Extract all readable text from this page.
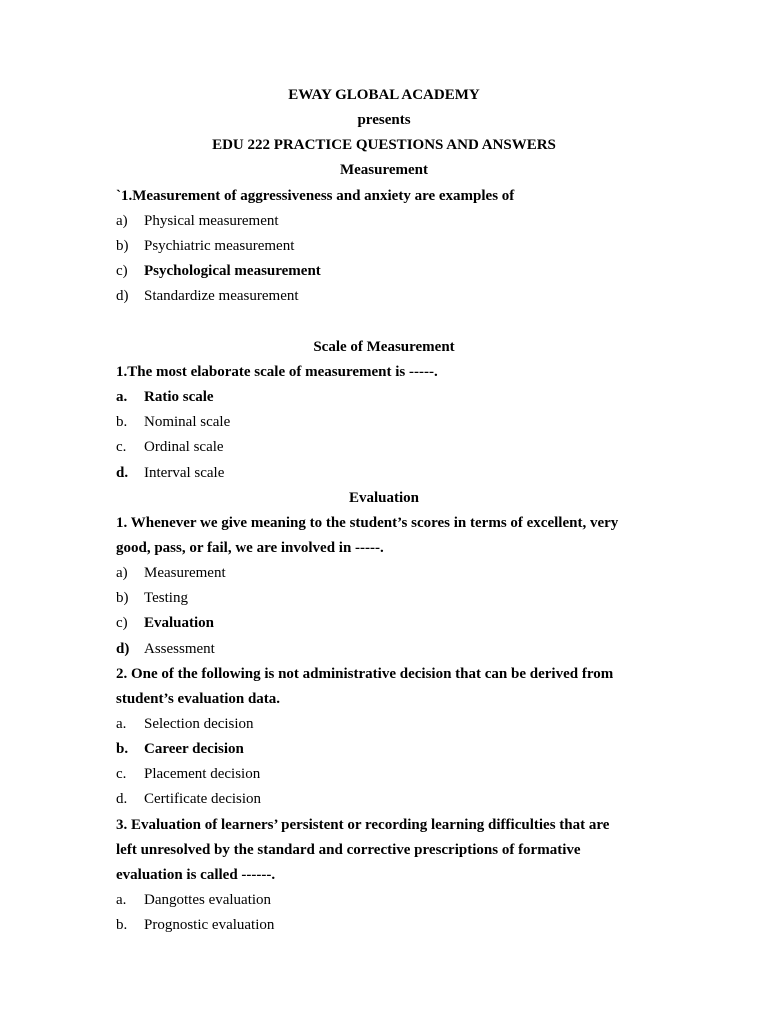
EWAY GLOBAL ACADEMY
presents
EDU 222 PRACTICE QUESTIONS AND ANSWERS
Measurement
`1.Measurement of aggressiveness and anxiety are examples of
a) Physical measurement
b) Psychiatric measurement
c) Psychological measurement
d) Standardize measurement
Scale of Measurement
1.The most elaborate scale of measurement is -----.
a. Ratio scale
b. Nominal scale
c. Ordinal scale
d. Interval scale
Evaluation
1. Whenever we give meaning to the student’s scores in terms of excellent, very
good, pass, or fail, we are involved in -----.
a) Measurement
b) Testing
c) Evaluation
d) Assessment
2. One of the following is not administrative decision that can be derived from
student’s evaluation data.
a. Selection decision
b. Career decision
c. Placement decision
d. Certificate decision
3. Evaluation of learners’ persistent or recording learning difficulties that are
left unresolved by the standard and corrective prescriptions of formative
evaluation is called ------.
a. Dangottes evaluation
b. Prognostic evaluation
